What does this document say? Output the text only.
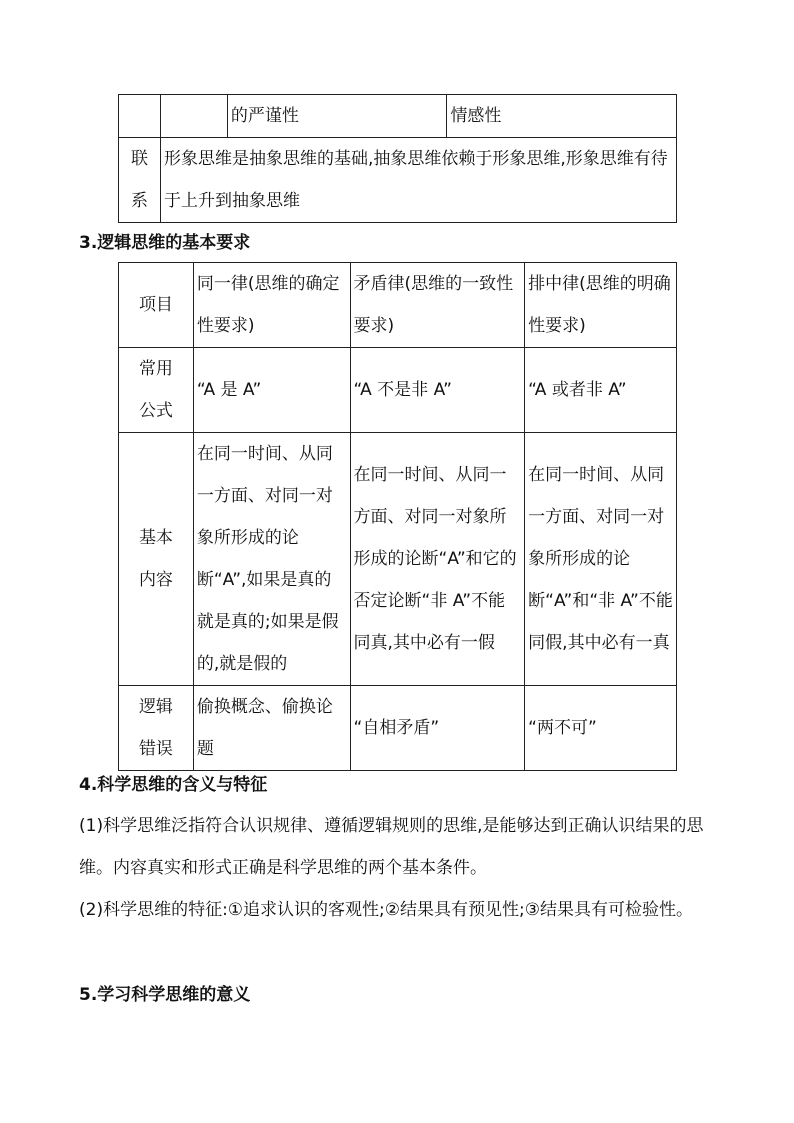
		的严谨性	情感性
联系	形象思维是抽象思维的基础,抽象思维依赖于形象思维,形象思维有待于上升到抽象思维		
3.逻辑思维的基本要求
项目	同一律(思维的确定性要求)	矛盾律(思维的一致性要求)	排中律(思维的明确性要求)
常用公式	“A 是 A”	“A 不是非 A”	“A 或者非 A”
基本内容	在同一时间、从同一方面、对同一对象所形成的论断“A”,如果是真的就是真的;如果是假的,就是假的	在同一时间、从同一方面、对同一对象所形成的论断“A”和它的否定论断“非 A”不能同真,其中必有一假	在同一时间、从同一方面、对同一对象所形成的论断“A”和“非 A”不能同假,其中必有一真
逻辑错误	偷换概念、偷换论题	“自相矛盾”	“两不可”
4.科学思维的含义与特征
(1)科学思维泛指符合认识规律、遵循逻辑规则的思维,是能够达到正确认识结果的思维。内容真实和形式正确是科学思维的两个基本条件。
(2)科学思维的特征:①追求认识的客观性;②结果具有预见性;③结果具有可检验性。
5.学习科学思维的意义
